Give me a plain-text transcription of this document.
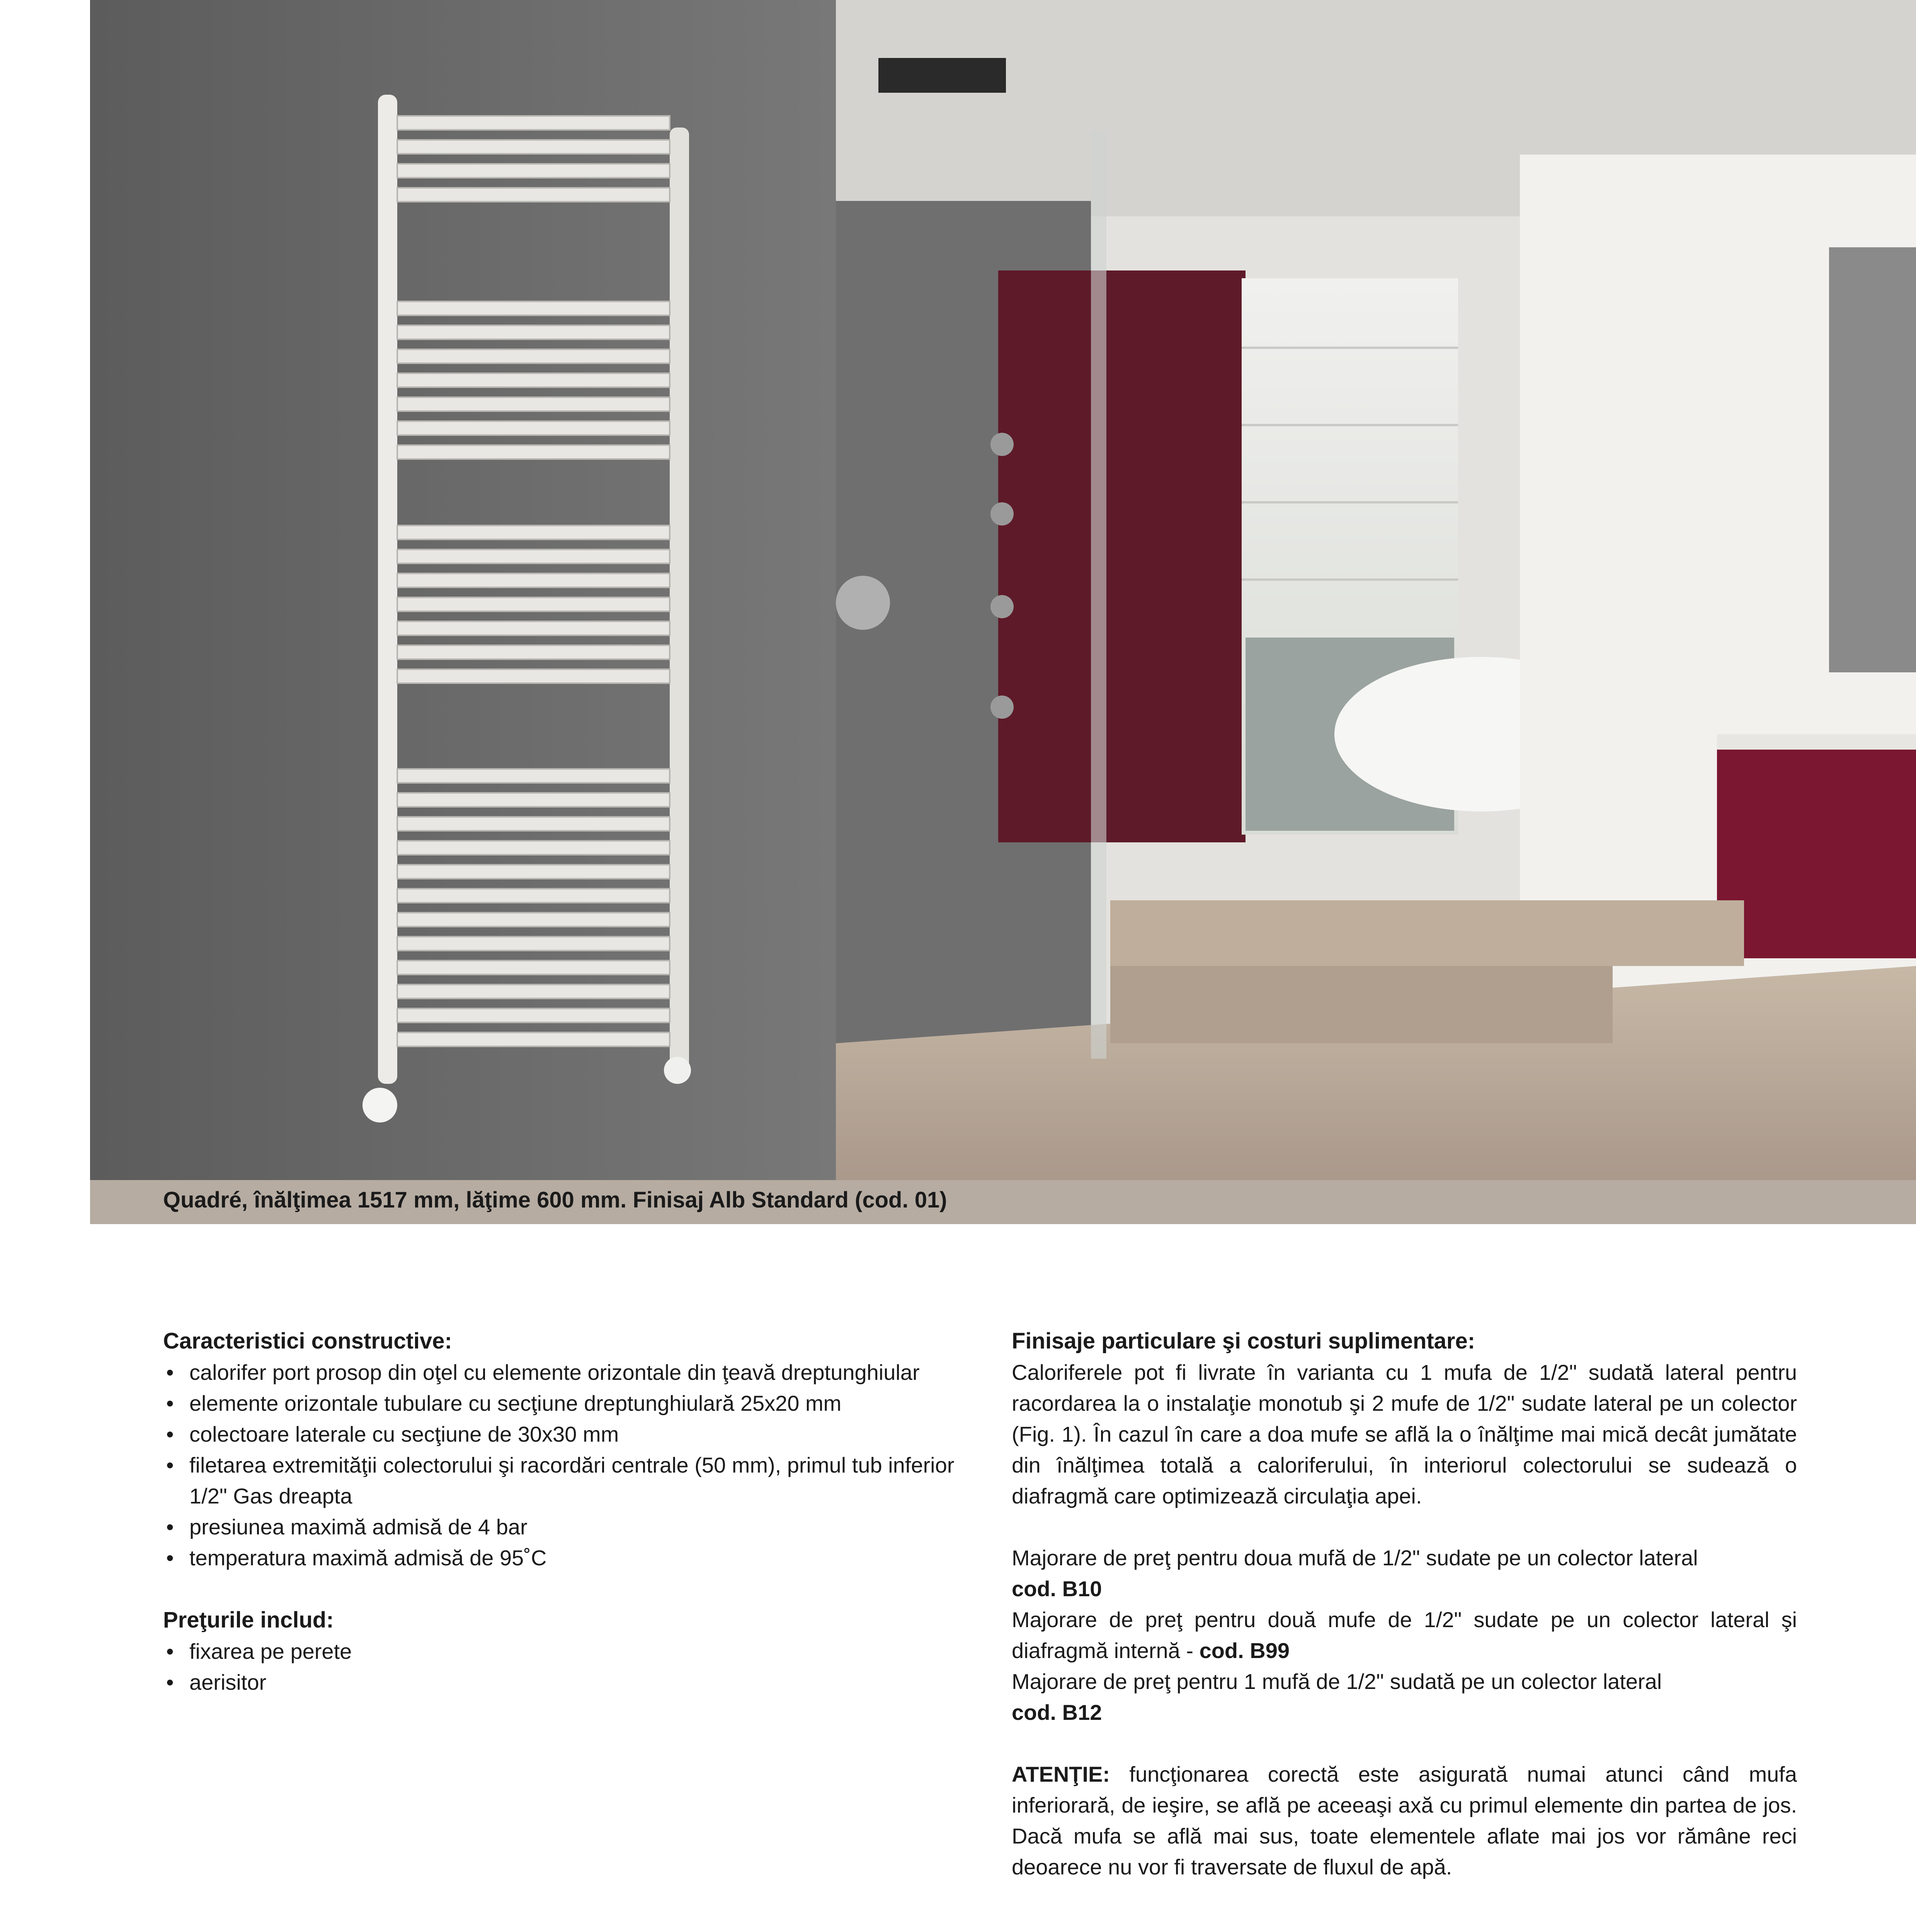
Quadré, înălţimea 1517 mm, lăţime 600 mm. Finisaj Alb Standard (cod. 01)
Caracteristici constructive:
• calorifer port prosop din oţel cu elemente orizontale din ţeavă dreptunghiular
• elemente orizontale tubulare cu secţiune dreptunghiulară 25x20 mm
• colectoare laterale cu secţiune de 30x30 mm
• filetarea extremităţii colectorului şi racordări centrale (50 mm), primul tub inferior 1/2" Gas dreapta
• presiunea maximă admisă de 4 bar
• temperatura maximă admisă de 95˚C
Preţurile includ:
• fixarea pe perete
• aerisitor
Finisaje particulare şi costuri suplimentare:

Caloriferele pot fi livrate în varianta cu 1 mufa de 1/2" sudată lateral pentru racordarea la o instalaţie monotub şi 2 mufe de 1/2" sudate lateral pe un colector (Fig. 1). În cazul în care a doa mufe se află la o înălţime mai mică decât jumătate din înălţimea totală a caloriferului, în interiorul colectorului se sudează o diafragmă care optimizează circulaţia apei.

Majorare de preţ pentru doua mufă de 1/2" sudate pe un colector lateral
cod. B10

Majorare de preţ pentru două mufe de 1/2" sudate pe un colector lateral şi diafragmă internă - cod. B99

Majorare de preţ pentru 1 mufă de 1/2" sudată pe un colector lateral
cod. B12

ATENŢIE: funcţionarea corectă este asigurată numai atunci când mufa inferiorară, de ieşire, se află pe aceeaşi axă cu primul elemente din partea de jos. Dacă mufa se află mai sus, toate elementele aflate mai jos vor rămâne reci deoarece nu vor fi traversate de fluxul de apă.
